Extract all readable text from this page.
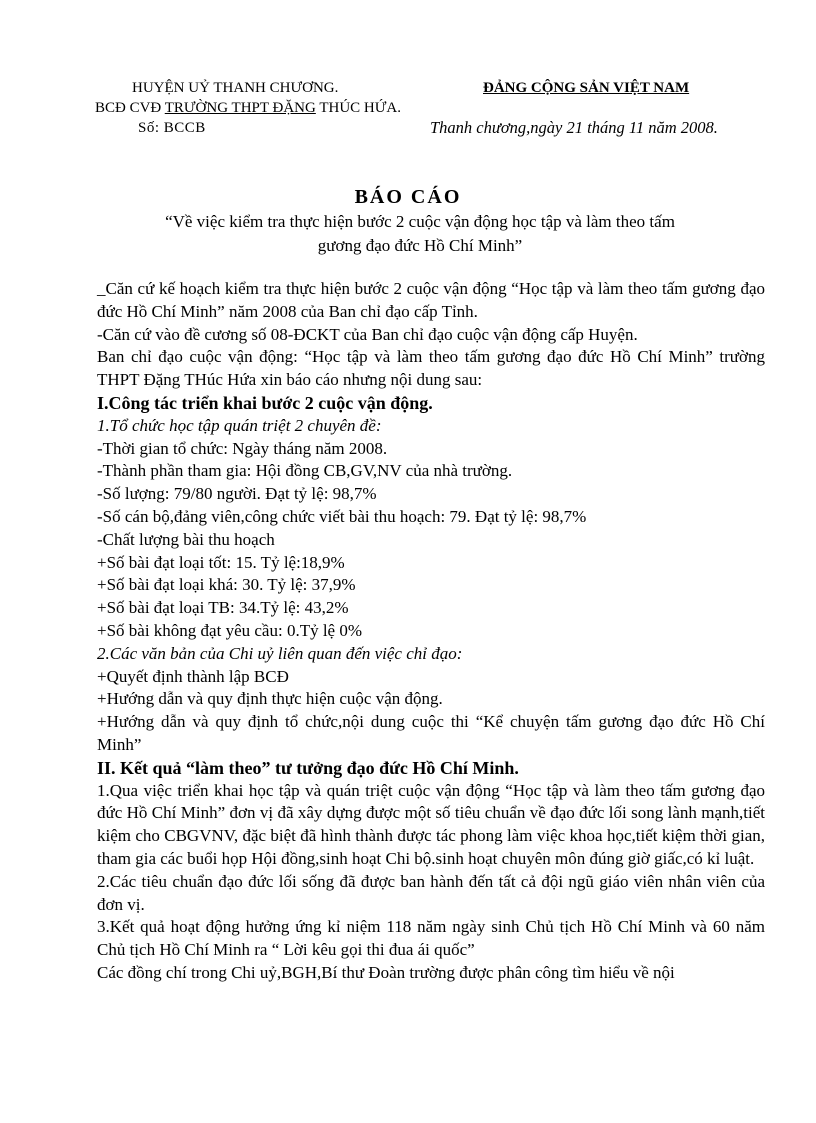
HUYỆN UỶ THANH CHƯƠNG.
BCĐ CVĐ TRƯỜNG THPT ĐẶNG THÚC HỨA.
Số: BCCB
ĐẢNG CỘNG SẢN VIỆT NAM
Thanh chương,ngày 21 tháng 11 năm 2008.
BÁO CÁO
“Về việc kiểm tra thực hiện bước 2 cuộc vận động học tập và làm theo tấm gương đạo đức Hồ Chí Minh”

_Căn cứ kế hoạch kiểm tra thực hiện bước 2 cuộc vận động “Học tập và làm theo tấm gương đạo đức Hồ Chí Minh” năm 2008 của Ban chỉ đạo cấp Tỉnh.

-Căn cứ vào đề cương số 08-ĐCKT của Ban chỉ đạo cuộc vận động cấp Huyện.

Ban chỉ đạo cuộc vận động: “Học tập và làm theo tấm gương đạo đức Hồ Chí Minh” trường THPT Đặng THúc Hứa xin báo cáo nhưng nội dung sau:

I.Công tác triển khai bước 2 cuộc vận động.

1.Tổ chức học tập quán triệt 2 chuyên đề:

-Thời gian tổ chức: Ngày tháng năm 2008.

-Thành phần tham gia: Hội đồng CB,GV,NV của nhà trường.

-Số lượng: 79/80 người. Đạt tỷ lệ: 98,7%

-Số cán bộ,đảng viên,công chức viết bài thu hoạch: 79. Đạt tỷ lệ: 98,7%

-Chất lượng bài thu hoạch

+Số bài đạt loại tốt: 15. Tỷ lệ:18,9%

+Số bài đạt loại khá: 30. Tỷ lệ: 37,9%

+Số bài đạt loại TB: 34.Tỷ lệ: 43,2%

+Số bài không đạt yêu cầu: 0.Tỷ lệ 0%

2.Các văn bản của Chi uỷ liên quan đến việc chỉ đạo:

+Quyết định thành lập BCĐ

+Hướng dẫn và quy định thực hiện cuộc vận động.

+Hướng dẫn và quy định tổ chức,nội dung cuộc thi “Kể chuyện tấm gương đạo đức Hồ Chí Minh”

II. Kết quả “làm theo” tư tưởng đạo đức Hồ Chí Minh.

1.Qua việc triển khai học tập và quán triệt cuộc vận động “Học tập và làm theo tấm gương đạo đức Hồ Chí Minh” đơn vị đã xây dựng được một số tiêu chuẩn về đạo đức lối song lành mạnh,tiết kiệm cho CBGVNV, đặc biệt đã hình thành được tác phong làm việc khoa học,tiết kiệm thời gian, tham gia các buổi họp Hội đồng,sinh hoạt Chi bộ.sinh hoạt chuyên môn đúng giờ giấc,có kỉ luật.

2.Các tiêu chuẩn đạo đức lối sống đã được ban hành đến tất cả đội ngũ giáo viên nhân viên của đơn vị.

3.Kết quả hoạt động hưởng ứng kỉ niệm 118 năm ngày sinh Chủ tịch Hồ Chí Minh và 60 năm Chủ tịch Hồ Chí Minh ra “ Lời kêu gọi thi đua ái quốc”

Các đồng chí trong Chi uỷ,BGH,Bí thư Đoàn trường được phân công tìm hiểu về nội
